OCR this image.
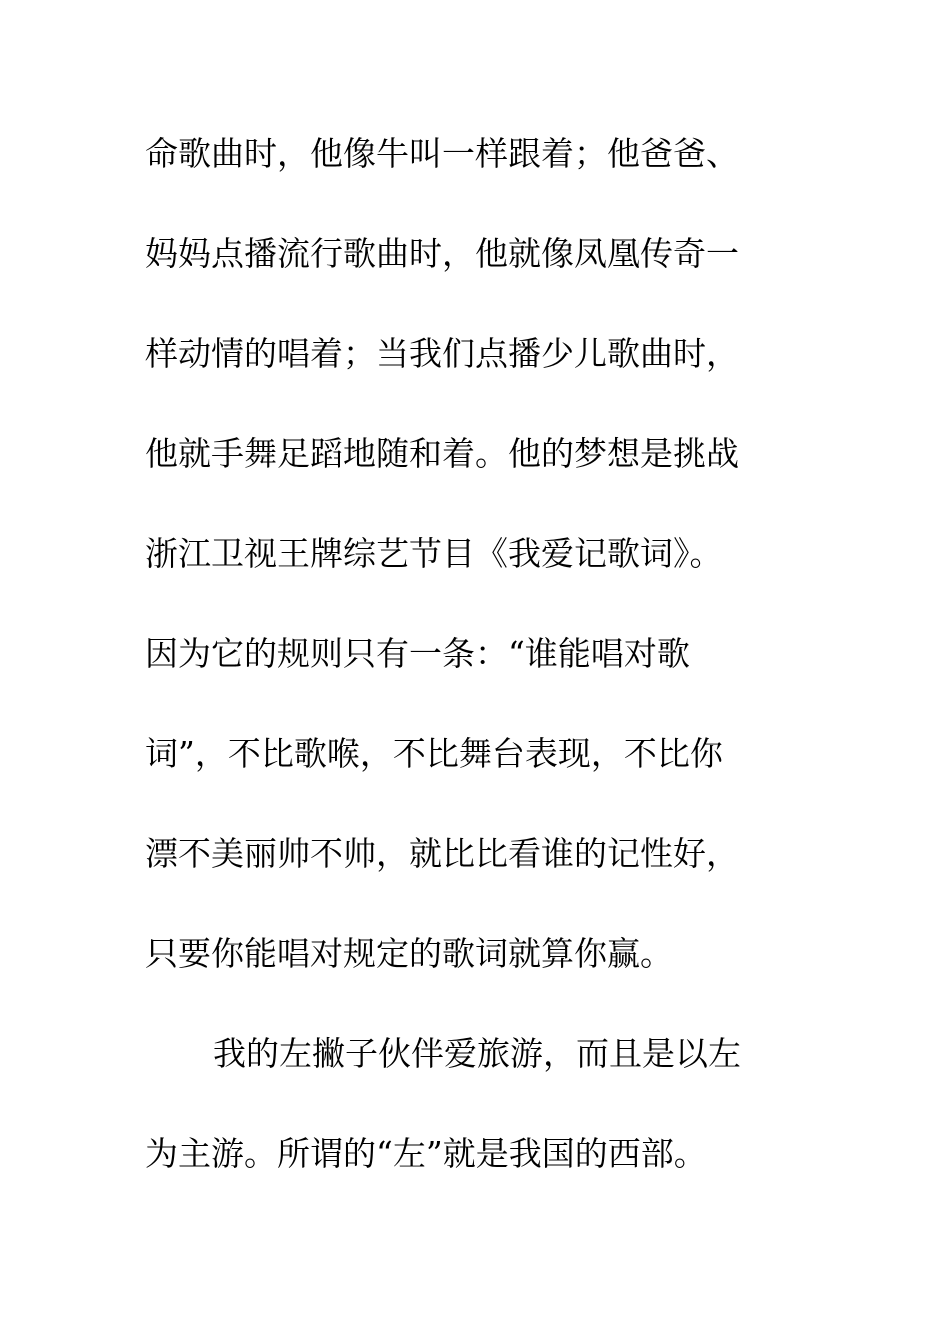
命歌曲时，他像牛叫一样跟着；他爸爸、
妈妈点播流行歌曲时，他就像凤凰传奇一
样动情的唱着；当我们点播少儿歌曲时，
他就手舞足蹈地随和着。他的梦想是挑战
浙江卫视王牌综艺节目《我爱记歌词》。
因为它的规则只有一条：“谁能唱对歌
词”，不比歌喉，不比舞台表现，不比你
漂不美丽帅不帅，就比比看谁的记性好，
只要你能唱对规定的歌词就算你赢。
我的左撇子伙伴爱旅游，而且是以左
为主游。所谓的“左”就是我国的西部。
